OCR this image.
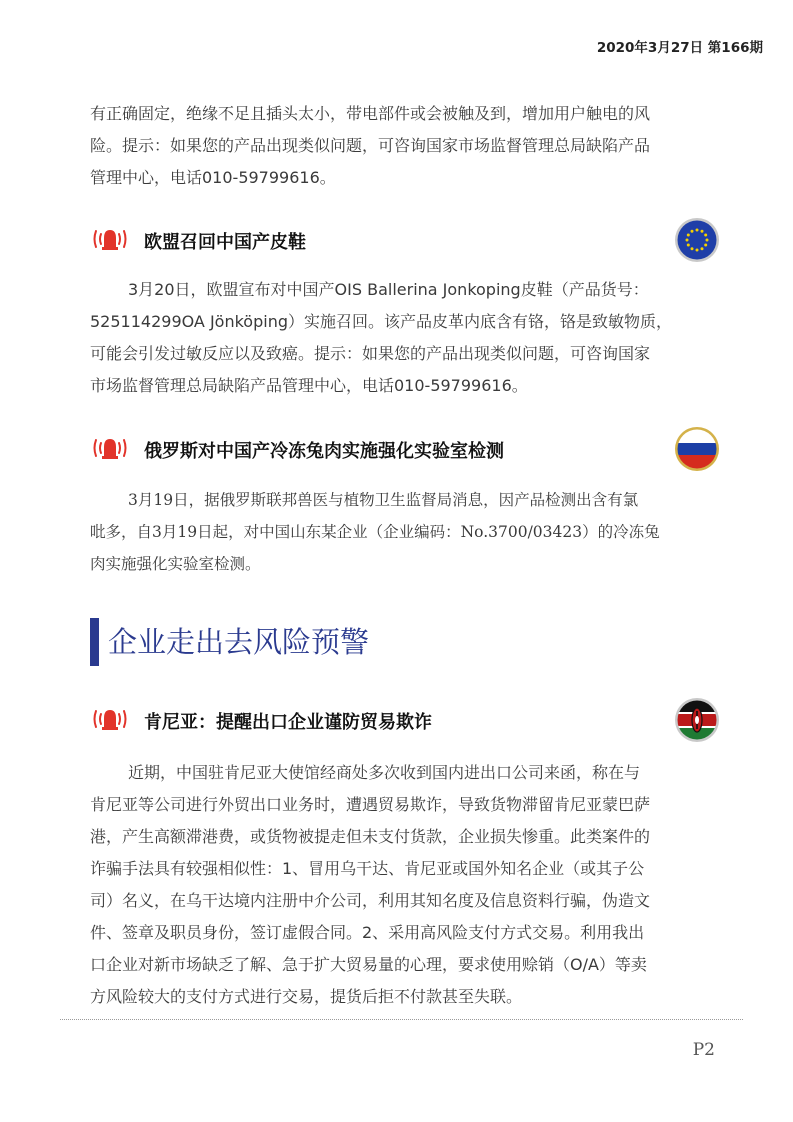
2020年3月27日 第166期
有正确固定，绝缘不足且插头太小，带电部件或会被触及到，增加用户触电的风
险。提示：如果您的产品出现类似问题，可咨询国家市场监督管理总局缺陷产品
管理中心，电话010-59799616。
欧盟召回中国产皮鞋
3月20日，欧盟宣布对中国产OIS Ballerina Jonkoping皮鞋（产品货号：
525114299OA Jönköping）实施召回。该产品皮革内底含有铬，铬是致敏物质，
可能会引发过敏反应以及致癌。提示：如果您的产品出现类似问题，可咨询国家
市场监督管理总局缺陷产品管理中心，电话010-59799616。
俄罗斯对中国产冷冻兔肉实施强化实验室检测
3月19日，据俄罗斯联邦兽医与植物卫生监督局消息，因产品检测出含有氯
吡多，自3月19日起，对中国山东某企业（企业编码：No.3700/03423）的冷冻兔
肉实施强化实验室检测。
企业走出去风险预警
肯尼亚：提醒出口企业谨防贸易欺诈
近期，中国驻肯尼亚大使馆经商处多次收到国内进出口公司来函，称在与
肯尼亚等公司进行外贸出口业务时，遭遇贸易欺诈，导致货物滞留肯尼亚蒙巴萨
港，产生高额滞港费，或货物被提走但未支付货款，企业损失惨重。此类案件的
诈骗手法具有较强相似性：1、冒用乌干达、肯尼亚或国外知名企业（或其子公
司）名义，在乌干达境内注册中介公司，利用其知名度及信息资料行骗，伪造文
件、签章及职员身份，签订虚假合同。2、采用高风险支付方式交易。利用我出
口企业对新市场缺乏了解、急于扩大贸易量的心理，要求使用赊销（O/A）等卖
方风险较大的支付方式进行交易，提货后拒不付款甚至失联。
P2
